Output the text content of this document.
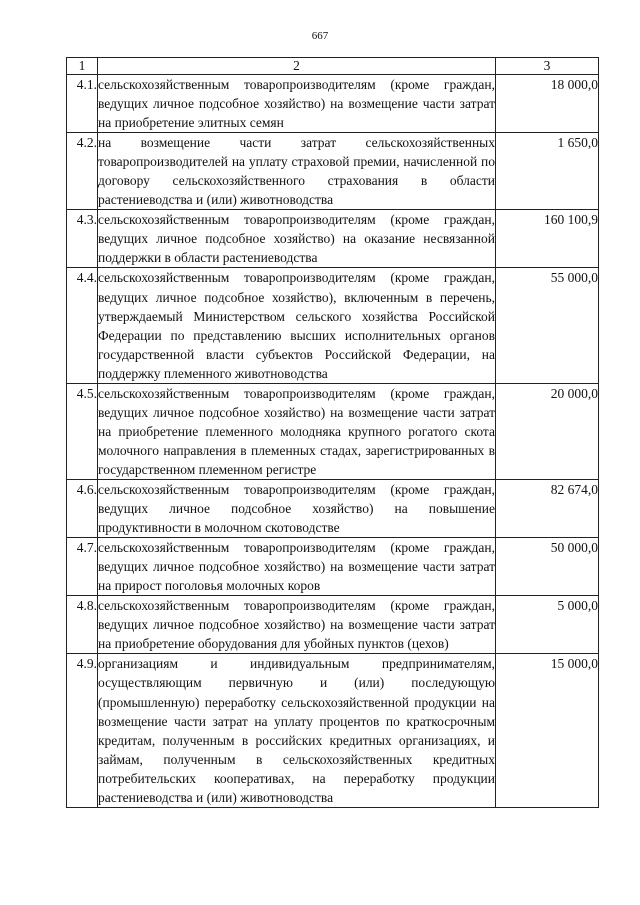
667
1	2	3
4.1.	сельскохозяйственным товаропроизводителям (кроме граждан, ведущих личное подсобное хозяйство) на возмещение части затрат на приобретение элитных семян	18 000,0
4.2.	на возмещение части затрат сельскохозяйственных товаропроизводителей на уплату страховой премии, начисленной по договору сельскохозяйственного страхования в области растениеводства и (или) животноводства	1 650,0
4.3.	сельскохозяйственным товаропроизводителям (кроме граждан, ведущих личное подсобное хозяйство) на оказание несвязанной поддержки в области растениеводства	160 100,9
4.4.	сельскохозяйственным товаропроизводителям (кроме граждан, ведущих личное подсобное хозяйство), включенным в перечень, утверждаемый Министерством сельского хозяйства Российской Федерации по представлению высших исполнительных органов государственной власти субъектов Российской Федерации, на поддержку племенного животноводства	55 000,0
4.5.	сельскохозяйственным товаропроизводителям (кроме граждан, ведущих личное подсобное хозяйство) на возмещение части затрат на приобретение племенного молодняка крупного рогатого скота молочного направления в племенных стадах, зарегистрированных в государственном племенном регистре	20 000,0
4.6.	сельскохозяйственным товаропроизводителям (кроме граждан, ведущих личное подсобное хозяйство) на повышение продуктивности в молочном скотоводстве	82 674,0
4.7.	сельскохозяйственным товаропроизводителям (кроме граждан, ведущих личное подсобное хозяйство) на возмещение части затрат на прирост поголовья молочных коров	50 000,0
4.8.	сельскохозяйственным товаропроизводителям (кроме граждан, ведущих личное подсобное хозяйство) на возмещение части затрат на приобретение оборудования для убойных пунктов (цехов)	5 000,0
4.9.	организациям и индивидуальным предпринимателям, осуществляющим первичную и (или) последующую (промышленную) переработку сельскохозяйственной продукции на возмещение части затрат на уплату процентов по краткосрочным кредитам, полученным в российских кредитных организациях, и займам, полученным в сельскохозяйственных кредитных потребительских кооперативах, на переработку продукции растениеводства и (или) животноводства	15 000,0
